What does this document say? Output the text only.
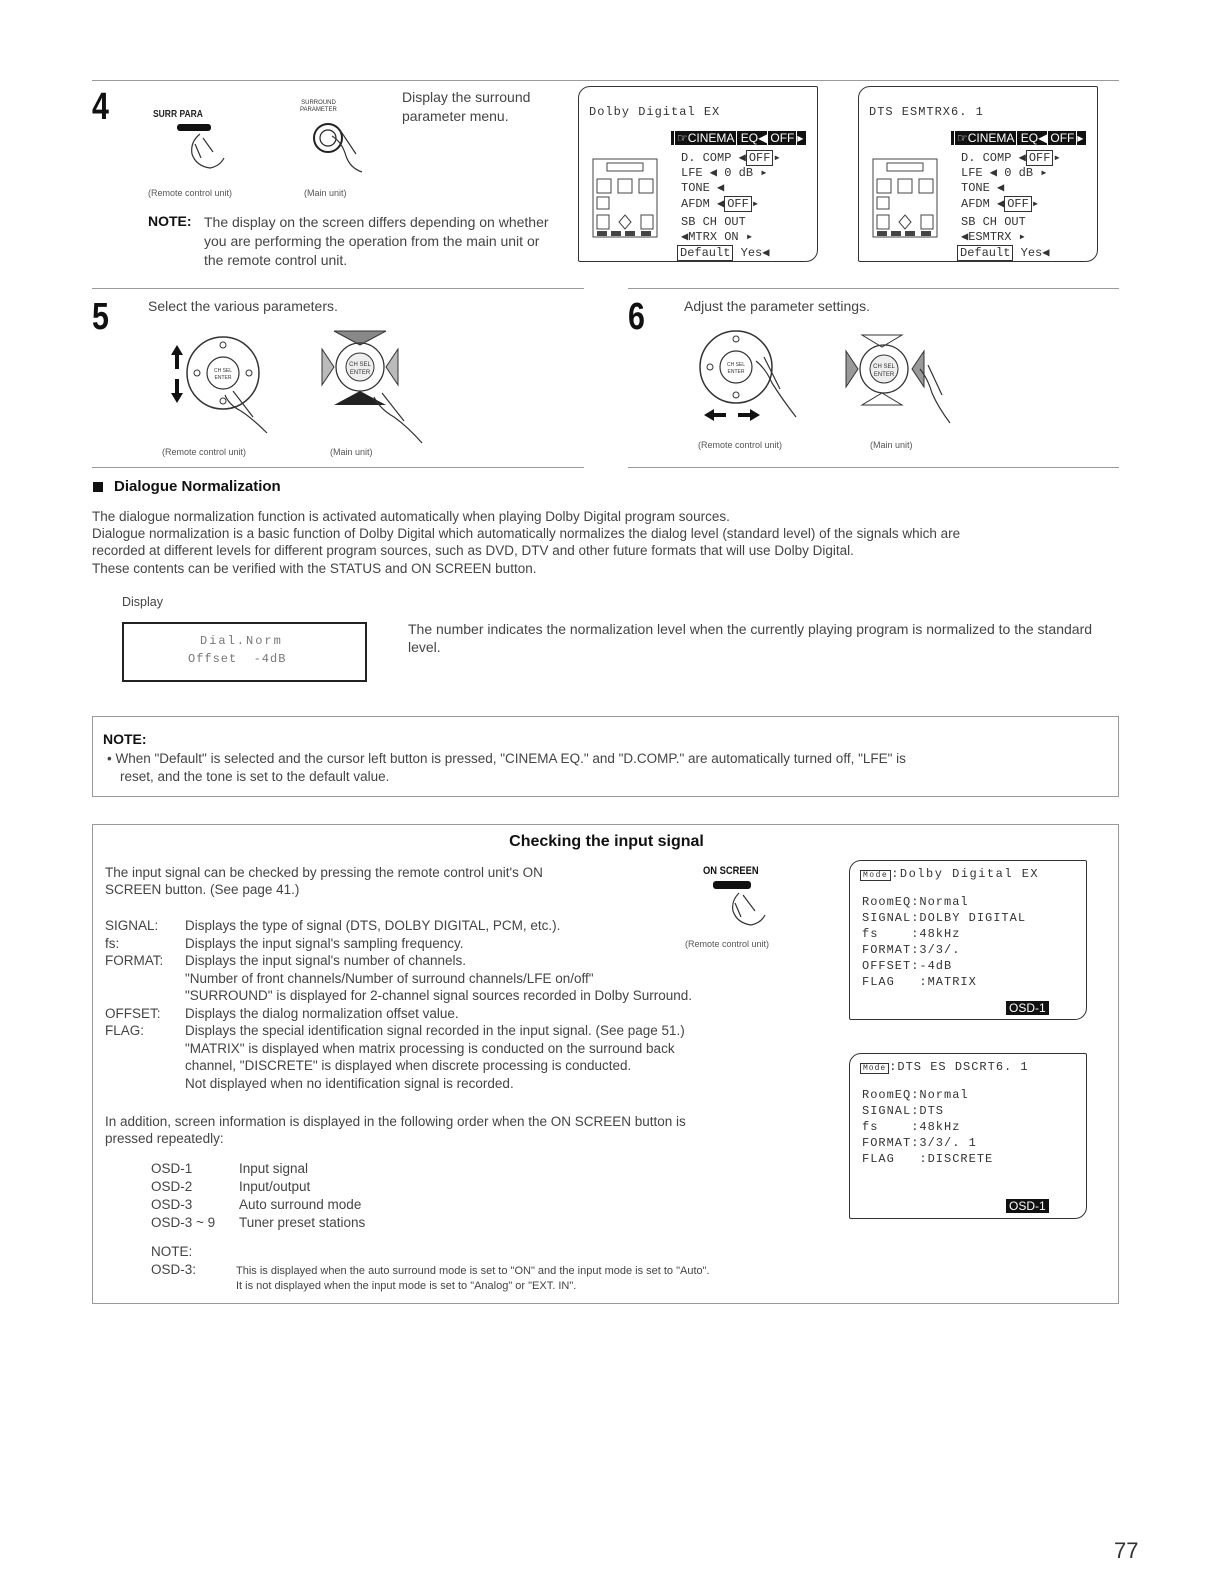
4	SURR PARA
SURROUND
PARAMETER
Display the surround parameter menu.
(Remote control unit)	(Main unit)
NOTE: The display on the screen differs depending on whether you are performing the operation from the main unit or the remote control unit.
Dolby Digital EX
☞CINEMA EQ◀ OFF ▸
D. COMP ◀ OFF ▸
LFE ◀ 0 dB ▸
TONE ◀
AFDM ◀ OFF ▸
SB CH OUT
◀MTRX ON ▸
Default Yes◀
DTS ESMTRX6. 1
☞CINEMA EQ◀ OFF ▸
D. COMP ◀ OFF ▸
LFE ◀ 0 dB ▸
TONE ◀
AFDM ◀ OFF ▸
SB CH OUT
◀ESMTRX ▸
Default Yes◀
5	Select the various parameters.
CH SEL
ENTER
CH SEL
ENTER
(Remote control unit)	(Main unit)
6	Adjust the parameter settings.
CH SEL
ENTER
CH SEL
ENTER
(Remote control unit)	(Main unit)
Dialogue Normalization
The dialogue normalization function is activated automatically when playing Dolby Digital program sources.
Dialogue normalization is a basic function of Dolby Digital which automatically normalizes the dialog level (standard level) of the signals which are
recorded at different levels for different program sources, such as DVD, DTV and other future formats that will use Dolby Digital.
These contents can be verified with the STATUS and ON SCREEN button.
Display
Dial.Norm
Offset  -4dB
The number indicates the normalization level when the currently playing program is normalized to the standard level.
NOTE:
• When "Default" is selected and the cursor left button is pressed, "CINEMA EQ." and "D.COMP." are automatically turned off, "LFE" is
reset, and the tone is set to the default value.
Checking the input signal
The input signal can be checked by pressing the remote control unit's ON
SCREEN button. (See page 41.)
ON SCREEN
(Remote control unit)
SIGNAL: Displays the type of signal (DTS, DOLBY DIGITAL, PCM, etc.).
fs:	Displays the input signal's sampling frequency.
FORMAT: Displays the input signal's number of channels.
"Number of front channels/Number of surround channels/LFE on/off"
"SURROUND" is displayed for 2-channel signal sources recorded in Dolby Surround.
OFFSET: Displays the dialog normalization offset value.
FLAG:	Displays the special identification signal recorded in the input signal. (See page 51.)
"MATRIX" is displayed when matrix processing is conducted on the surround back
channel, "DISCRETE" is displayed when discrete processing is conducted.
Not displayed when no identification signal is recorded.
In addition, screen information is displayed in the following order when the ON SCREEN button is
pressed repeatedly:
OSD-1	Input signal
OSD-2	Input/output
OSD-3	Auto surround mode
OSD-3 ~ 9 Tuner preset stations
NOTE:
OSD-3:	This is displayed when the auto surround mode is set to "ON" and the input mode is set to "Auto".
It is not displayed when the input mode is set to "Analog" or "EXT. IN".
Mode :Dolby Digital EX
RoomEQ:Normal
SIGNAL:DOLBY DIGITAL
fs    :48kHz
FORMAT:3/3/.
OFFSET:-4dB
FLAG   :MATRIX
OSD-1
Mode :DTS ES DSCRT6. 1
RoomEQ:Normal
SIGNAL:DTS
fs    :48kHz
FORMAT:3/3/. 1
FLAG   :DISCRETE
OSD-1
77
